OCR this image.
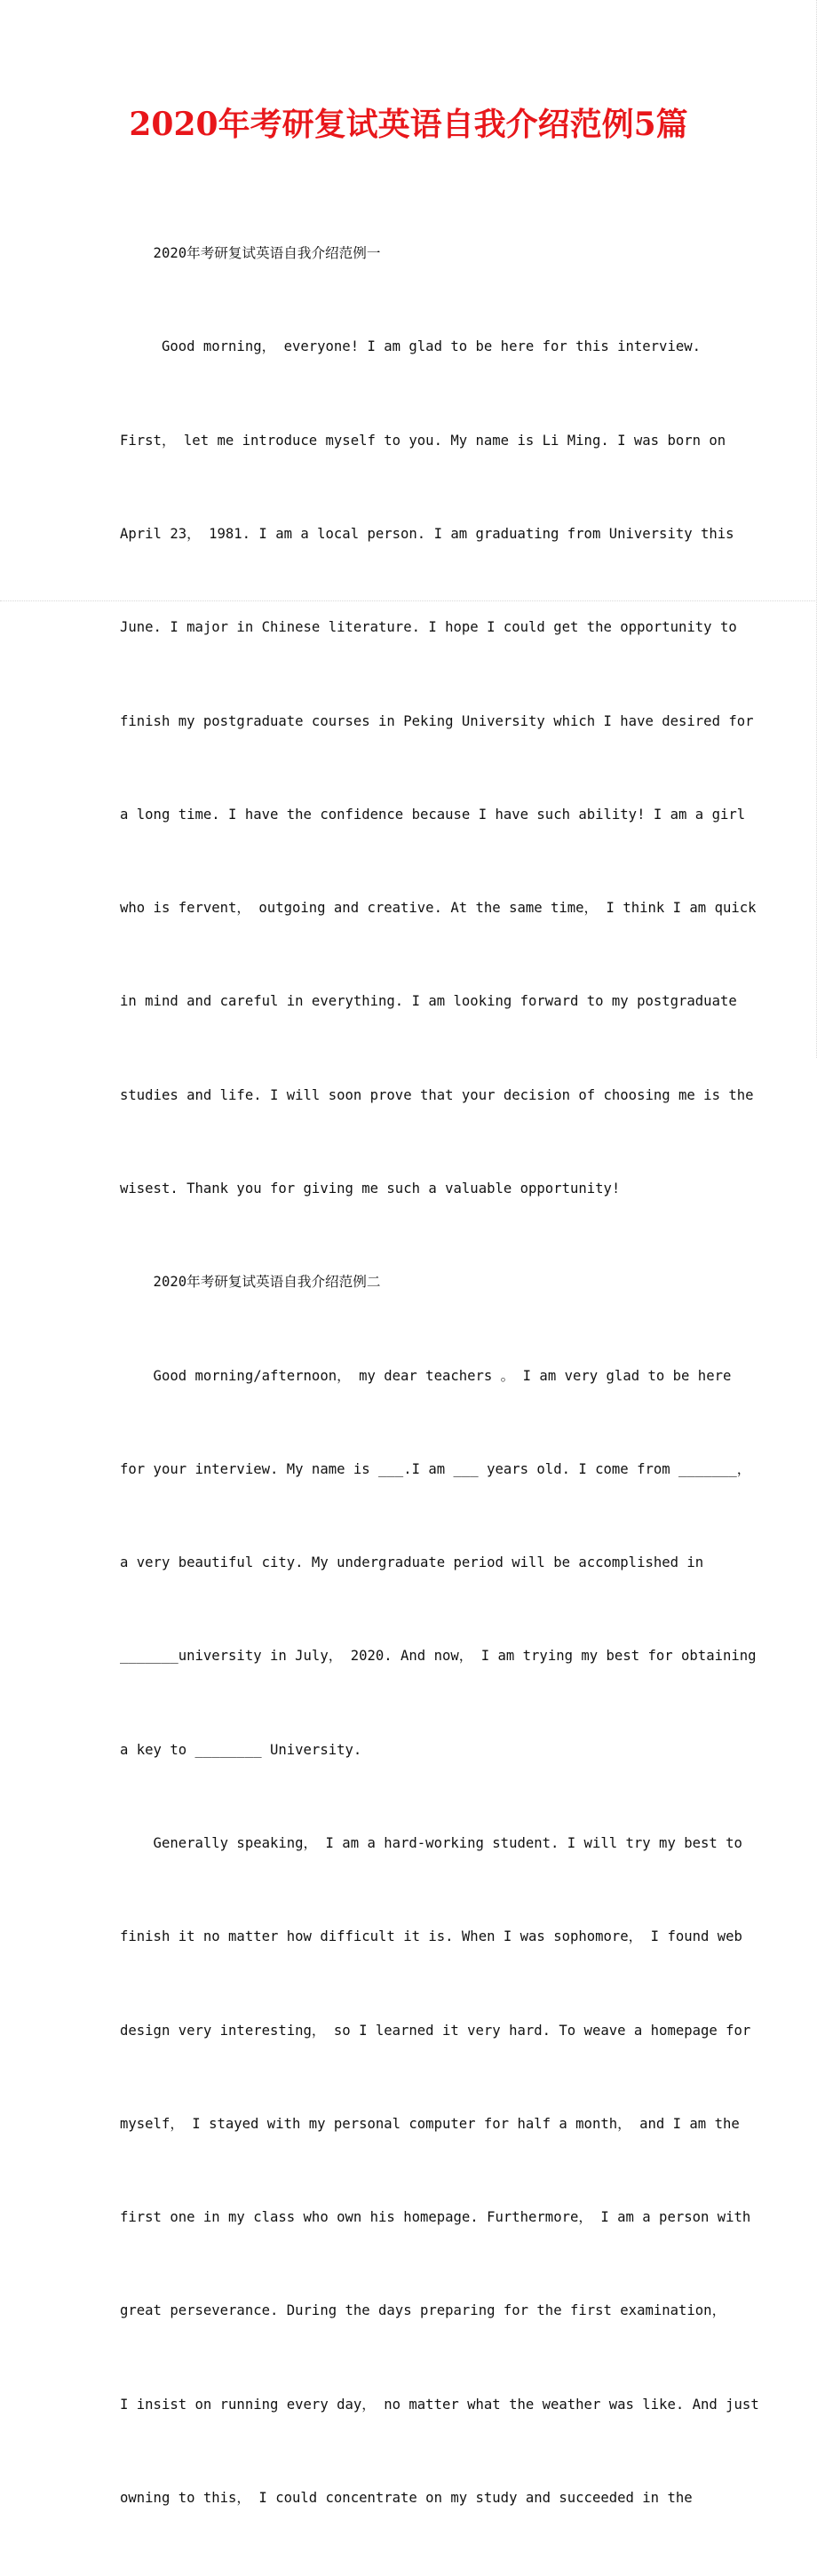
2020年考研复试英语自我介绍范例5篇

2020年考研复试英语自我介绍范例一

Good morning， everyone! I am glad to be here for this interview.

First， let me introduce myself to you. My name is Li Ming. I was born on

April 23， 1981. I am a local person. I am graduating from University this

June. I major in Chinese literature. I hope I could get the opportunity to

finish my postgraduate courses in Peking University which I have desired for

a long time. I have the confidence because I have such ability! I am a girl

who is fervent， outgoing and creative. At the same time， I think I am quick

in mind and careful in everything. I am looking forward to my postgraduate

studies and life. I will soon prove that your decision of choosing me is the

wisest. Thank you for giving me such a valuable opportunity!

2020年考研复试英语自我介绍范例二

Good morning/afternoon， my dear teachers 。 I am very glad to be here

for your interview. My name is ___.I am ___ years old. I come from _______，

a very beautiful city. My undergraduate period will be accomplished in

_______university in July， 2020. And now， I am trying my best for obtaining

a key to ________ University.

Generally speaking， I am a hard-working student. I will try my best to

finish it no matter how difficult it is. When I was sophomore， I found web

design very interesting， so I learned it very hard. To weave a homepage for

myself， I stayed with my personal computer for half a month， and I am the

first one in my class who own his homepage. Furthermore， I am a person with

great perseverance. During the days preparing for the first examination，

I insist on running every day， no matter what the weather was like. And just

owning to this， I could concentrate on my study and succeeded in the
